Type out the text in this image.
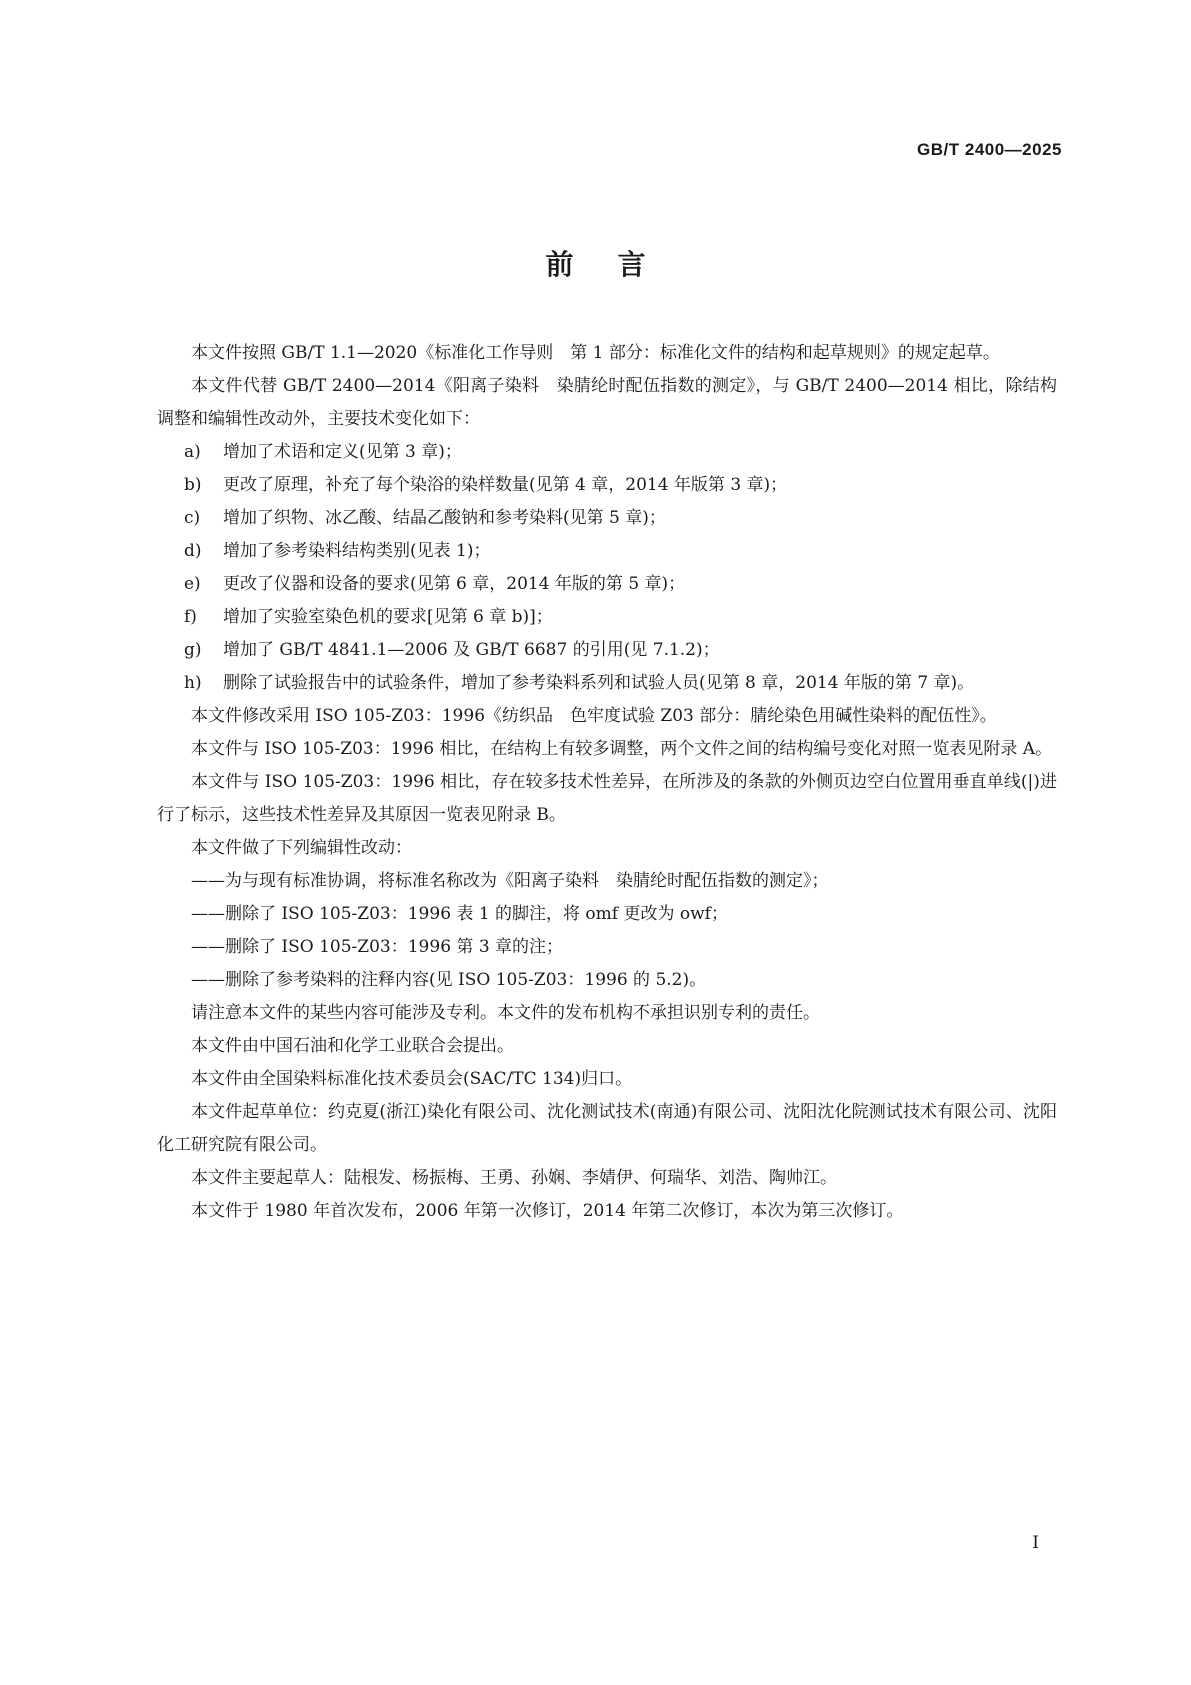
GB/T 2400—2025
前言

本文件按照 GB/T 1.1—2020《标准化工作导则　第 1 部分：标准化文件的结构和起草规则》的规定起草。

本文件代替 GB/T 2400—2014《阳离子染料　染腈纶时配伍指数的测定》，与 GB/T 2400—2014 相比，除结构调整和编辑性改动外，主要技术变化如下：

a)	增加了术语和定义(见第 3 章)；
b)	更改了原理，补充了每个染浴的染样数量(见第 4 章，2014 年版第 3 章)；
c)	增加了织物、冰乙酸、结晶乙酸钠和参考染料(见第 5 章)；
d)	增加了参考染料结构类别(见表 1)；
e)	更改了仪器和设备的要求(见第 6 章，2014 年版的第 5 章)；
f)	增加了实验室染色机的要求[见第 6 章 b)]；
g)	增加了 GB/T 4841.1—2006 及 GB/T 6687 的引用(见 7.1.2)；
h)	删除了试验报告中的试验条件，增加了参考染料系列和试验人员(见第 8 章，2014 年版的第 7 章)。

本文件修改采用 ISO 105-Z03：1996《纺织品　色牢度试验 Z03 部分：腈纶染色用碱性染料的配伍性》。

本文件与 ISO 105-Z03：1996 相比，在结构上有较多调整，两个文件之间的结构编号变化对照一览表见附录 A。

本文件与 ISO 105-Z03：1996 相比，存在较多技术性差异，在所涉及的条款的外侧页边空白位置用垂直单线(|)进行了标示，这些技术性差异及其原因一览表见附录 B。

本文件做了下列编辑性改动：

——为与现有标准协调，将标准名称改为《阳离子染料　染腈纶时配伍指数的测定》；

——删除了 ISO 105-Z03：1996 表 1 的脚注，将 omf 更改为 owf；

——删除了 ISO 105-Z03：1996 第 3 章的注；

——删除了参考染料的注释内容(见 ISO 105-Z03：1996 的 5.2)。

请注意本文件的某些内容可能涉及专利。本文件的发布机构不承担识别专利的责任。

本文件由中国石油和化学工业联合会提出。

本文件由全国染料标准化技术委员会(SAC/TC 134)归口。

本文件起草单位：约克夏(浙江)染化有限公司、沈化测试技术(南通)有限公司、沈阳沈化院测试技术有限公司、沈阳化工研究院有限公司。

本文件主要起草人：陆根发、杨振梅、王勇、孙娴、李婧伊、何瑞华、刘浩、陶帅江。

本文件于 1980 年首次发布，2006 年第一次修订，2014 年第二次修订，本次为第三次修订。

I
